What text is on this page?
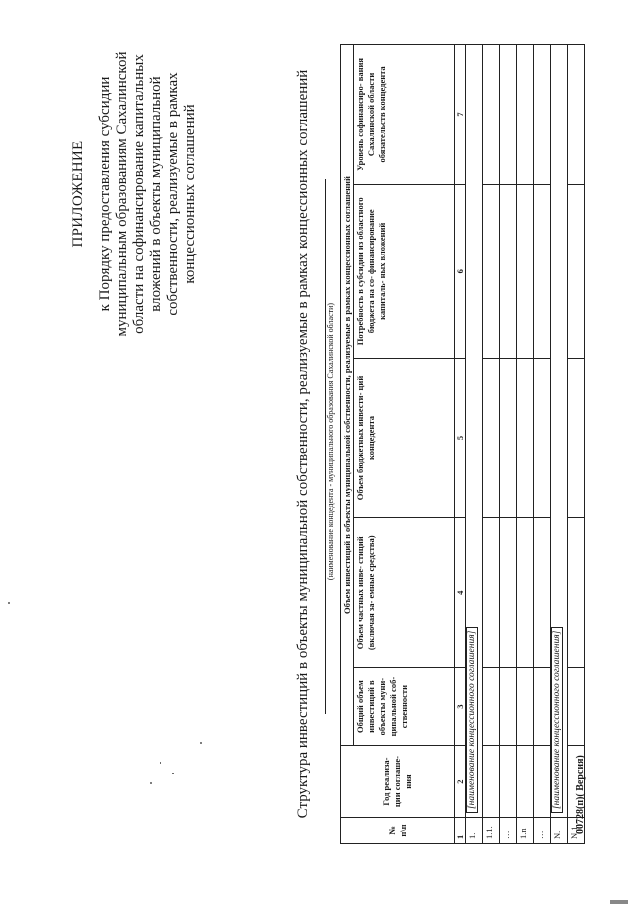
ПРИЛОЖЕНИЕ к Порядку предоставления субсидии муниципальным образованиям Сахалинской области на софинансирование капитальных вложений в объекты муниципальной собственности, реализуемые в рамках концессионных соглашений	Структура инвестиций в объекты муниципальной собственности, реализуемые в рамках концессионных соглашений (наименование концедента - муниципального образования Сахалинской области)
№ п\п	Год реализа- ции соглаше- ния	Объем инвестиций в объекты муниципальной собственности, реализуемые в рамках концессионных соглашений				
		Общий объем инвестиций в объекты муни- ципальной соб- ственности	Объем частных инве- стиций (включая за- емные средства)	Объем бюджетных инвести- ций концедента	Потребность в субсидии из областного бюджета на со- финансирование капиталь- ных вложений	Уровень софинансиро- вания Сахалинской области обязательств концедента
1	2	3	4	5	6	7
1.	[наименование концессионного соглашения]					
1.1.						
…						
1.n						
…						
N.	[наименование концессионного соглашения]					
N.1.						
00728(п)( Версия)
